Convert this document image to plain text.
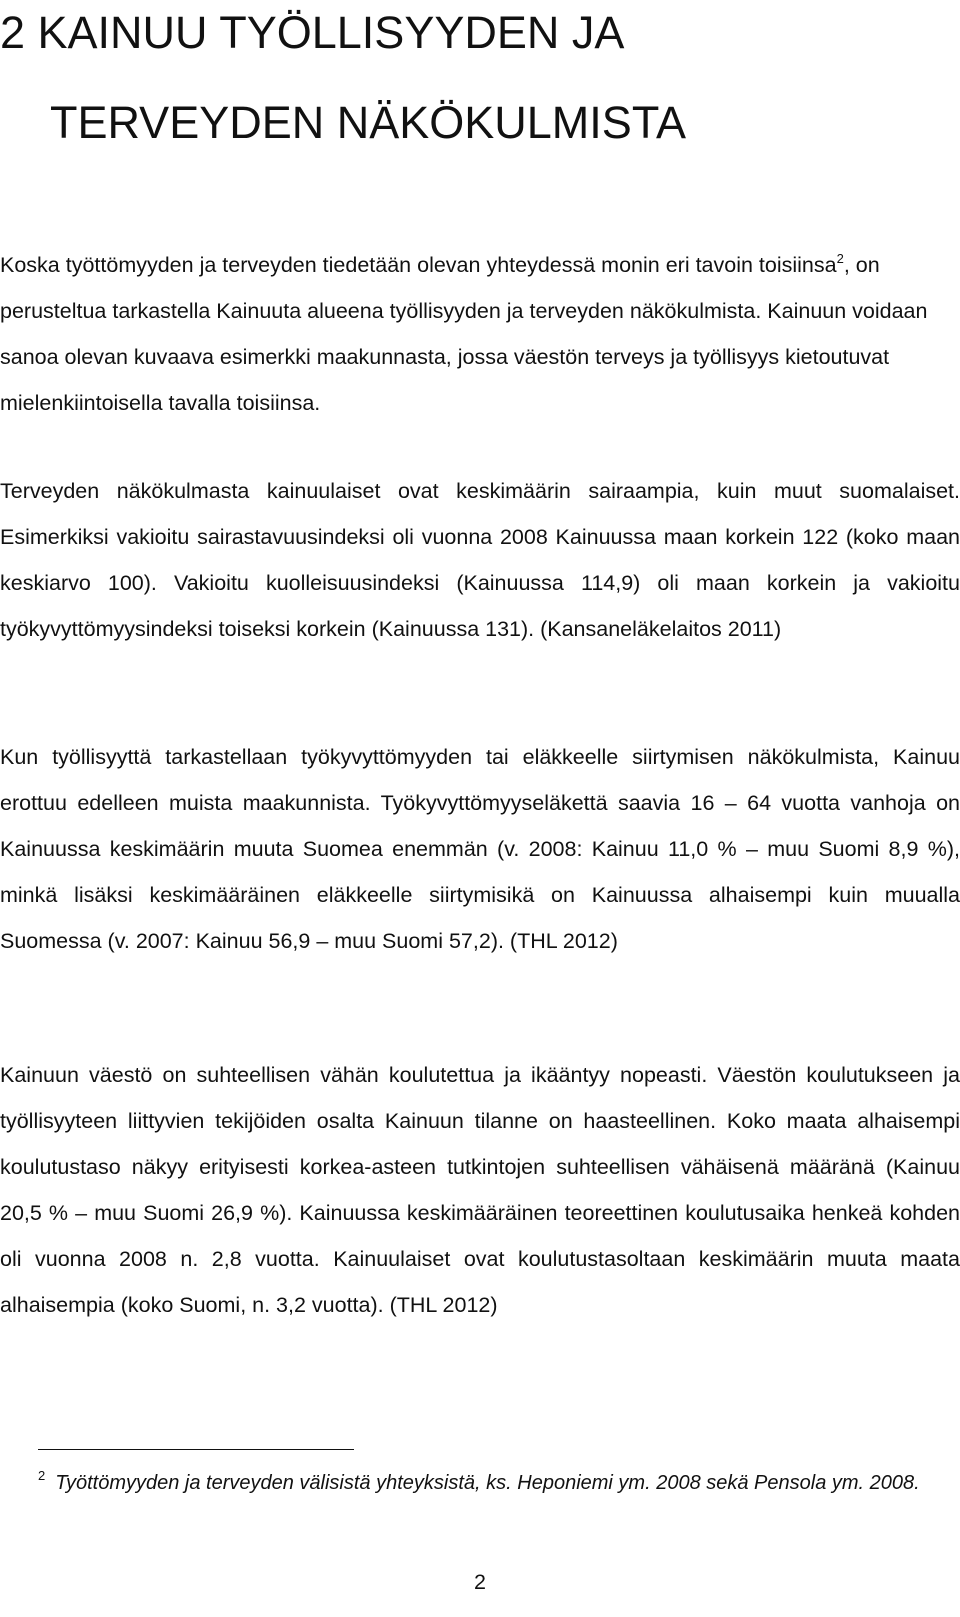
2 KAINUU TYÖLLISYYDEN JA
TERVEYDEN NÄKÖKULMISTA

Koska työttömyyden ja terveyden tiedetään olevan yhteydessä monin eri tavoin toisiinsa$^2$, on perusteltua tarkastella Kainuuta alueena työllisyyden ja terveyden näkökulmista. Kainuun voidaan sanoa olevan kuvaava esimerkki maakunnasta, jossa väestön terveys ja työllisyys kietoutuvat mielenkiintoisella tavalla toisiinsa.

Terveyden näkökulmasta kainuulaiset ovat keskimäärin sairaampia, kuin muut suomalaiset. Esimerkiksi vakioitu sairastavuusindeksi oli vuonna 2008 Kainuussa maan korkein 122 (koko maan keskiarvo 100). Vakioitu kuolleisuusindeksi (Kainuussa 114,9) oli maan korkein ja vakioitu työkyvyttömyysindeksi toiseksi korkein (Kainuussa 131). (Kansaneläkelaitos 2011)

Kun työllisyyttä tarkastellaan työkyvyttömyyden tai eläkkeelle siirtymisen näkökulmista, Kainuu erottuu edelleen muista maakunnista. Työkyvyttömyyseläkettä saavia 16 – 64 vuotta vanhoja on Kainuussa keskimäärin muuta Suomea enemmän (v. 2008: Kainuu 11,0 % – muu Suomi 8,9 %), minkä lisäksi keskimääräinen eläkkeelle siirtymisikä on Kainuussa alhaisempi kuin muualla Suomessa (v. 2007: Kainuu 56,9 – muu Suomi 57,2). (THL 2012)

Kainuun väestö on suhteellisen vähän koulutettua ja ikääntyy nopeasti. Väestön koulutukseen ja työllisyyteen liittyvien tekijöiden osalta Kainuun tilanne on haasteellinen. Koko maata alhaisempi koulutustaso näkyy erityisesti korkea-asteen tutkintojen suhteellisen vähäisenä määränä (Kainuu 20,5 % – muu Suomi 26,9 %). Kainuussa keskimääräinen teoreettinen koulutusaika henkeä kohden oli vuonna 2008 n. 2,8 vuotta. Kainuulaiset ovat koulutustasoltaan keskimäärin muuta maata alhaisempia (koko Suomi, n. 3,2 vuotta). (THL 2012)

$^2$ Työttömyyden ja terveyden välisistä yhteyksistä, ks. Heponiemi ym. 2008 sekä Pensola ym. 2008.

2
